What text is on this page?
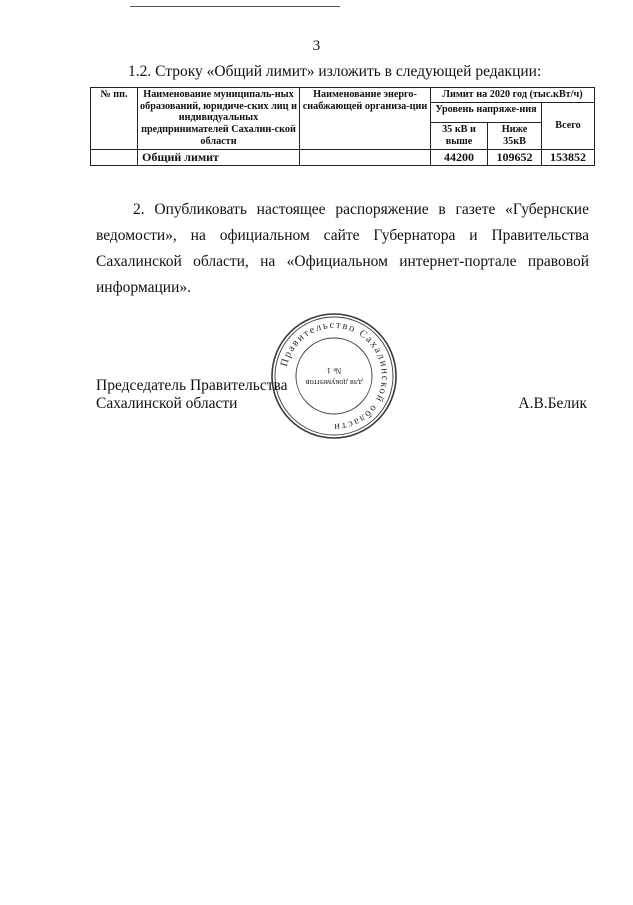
3
1.2. Строку «Общий лимит» изложить в следующей редакции:
№ пп.	Наименование муниципаль-ных образований, юридиче-ских лиц и индивидуальных предпринимателей Сахалин-ской области	Наименование энерго-снабжающей организа-ции	Лимит на 2020 год (тыс.кВт/ч)		
			Уровень напряже-ния		Всего
			35 кВ и выше	Ниже 35кВ	
	Общий лимит		44200	109652	153852
2. Опубликовать настоящее распоряжение в газете «Губернские ведомости», на официальном сайте Губернатора и Правительства Сахалинской области, на «Официальном интернет-портале правовой информации».
Правительство Сахалинской области
для документов
№ 1
Председатель Правительства
Сахалинской области	А.В.Белик
